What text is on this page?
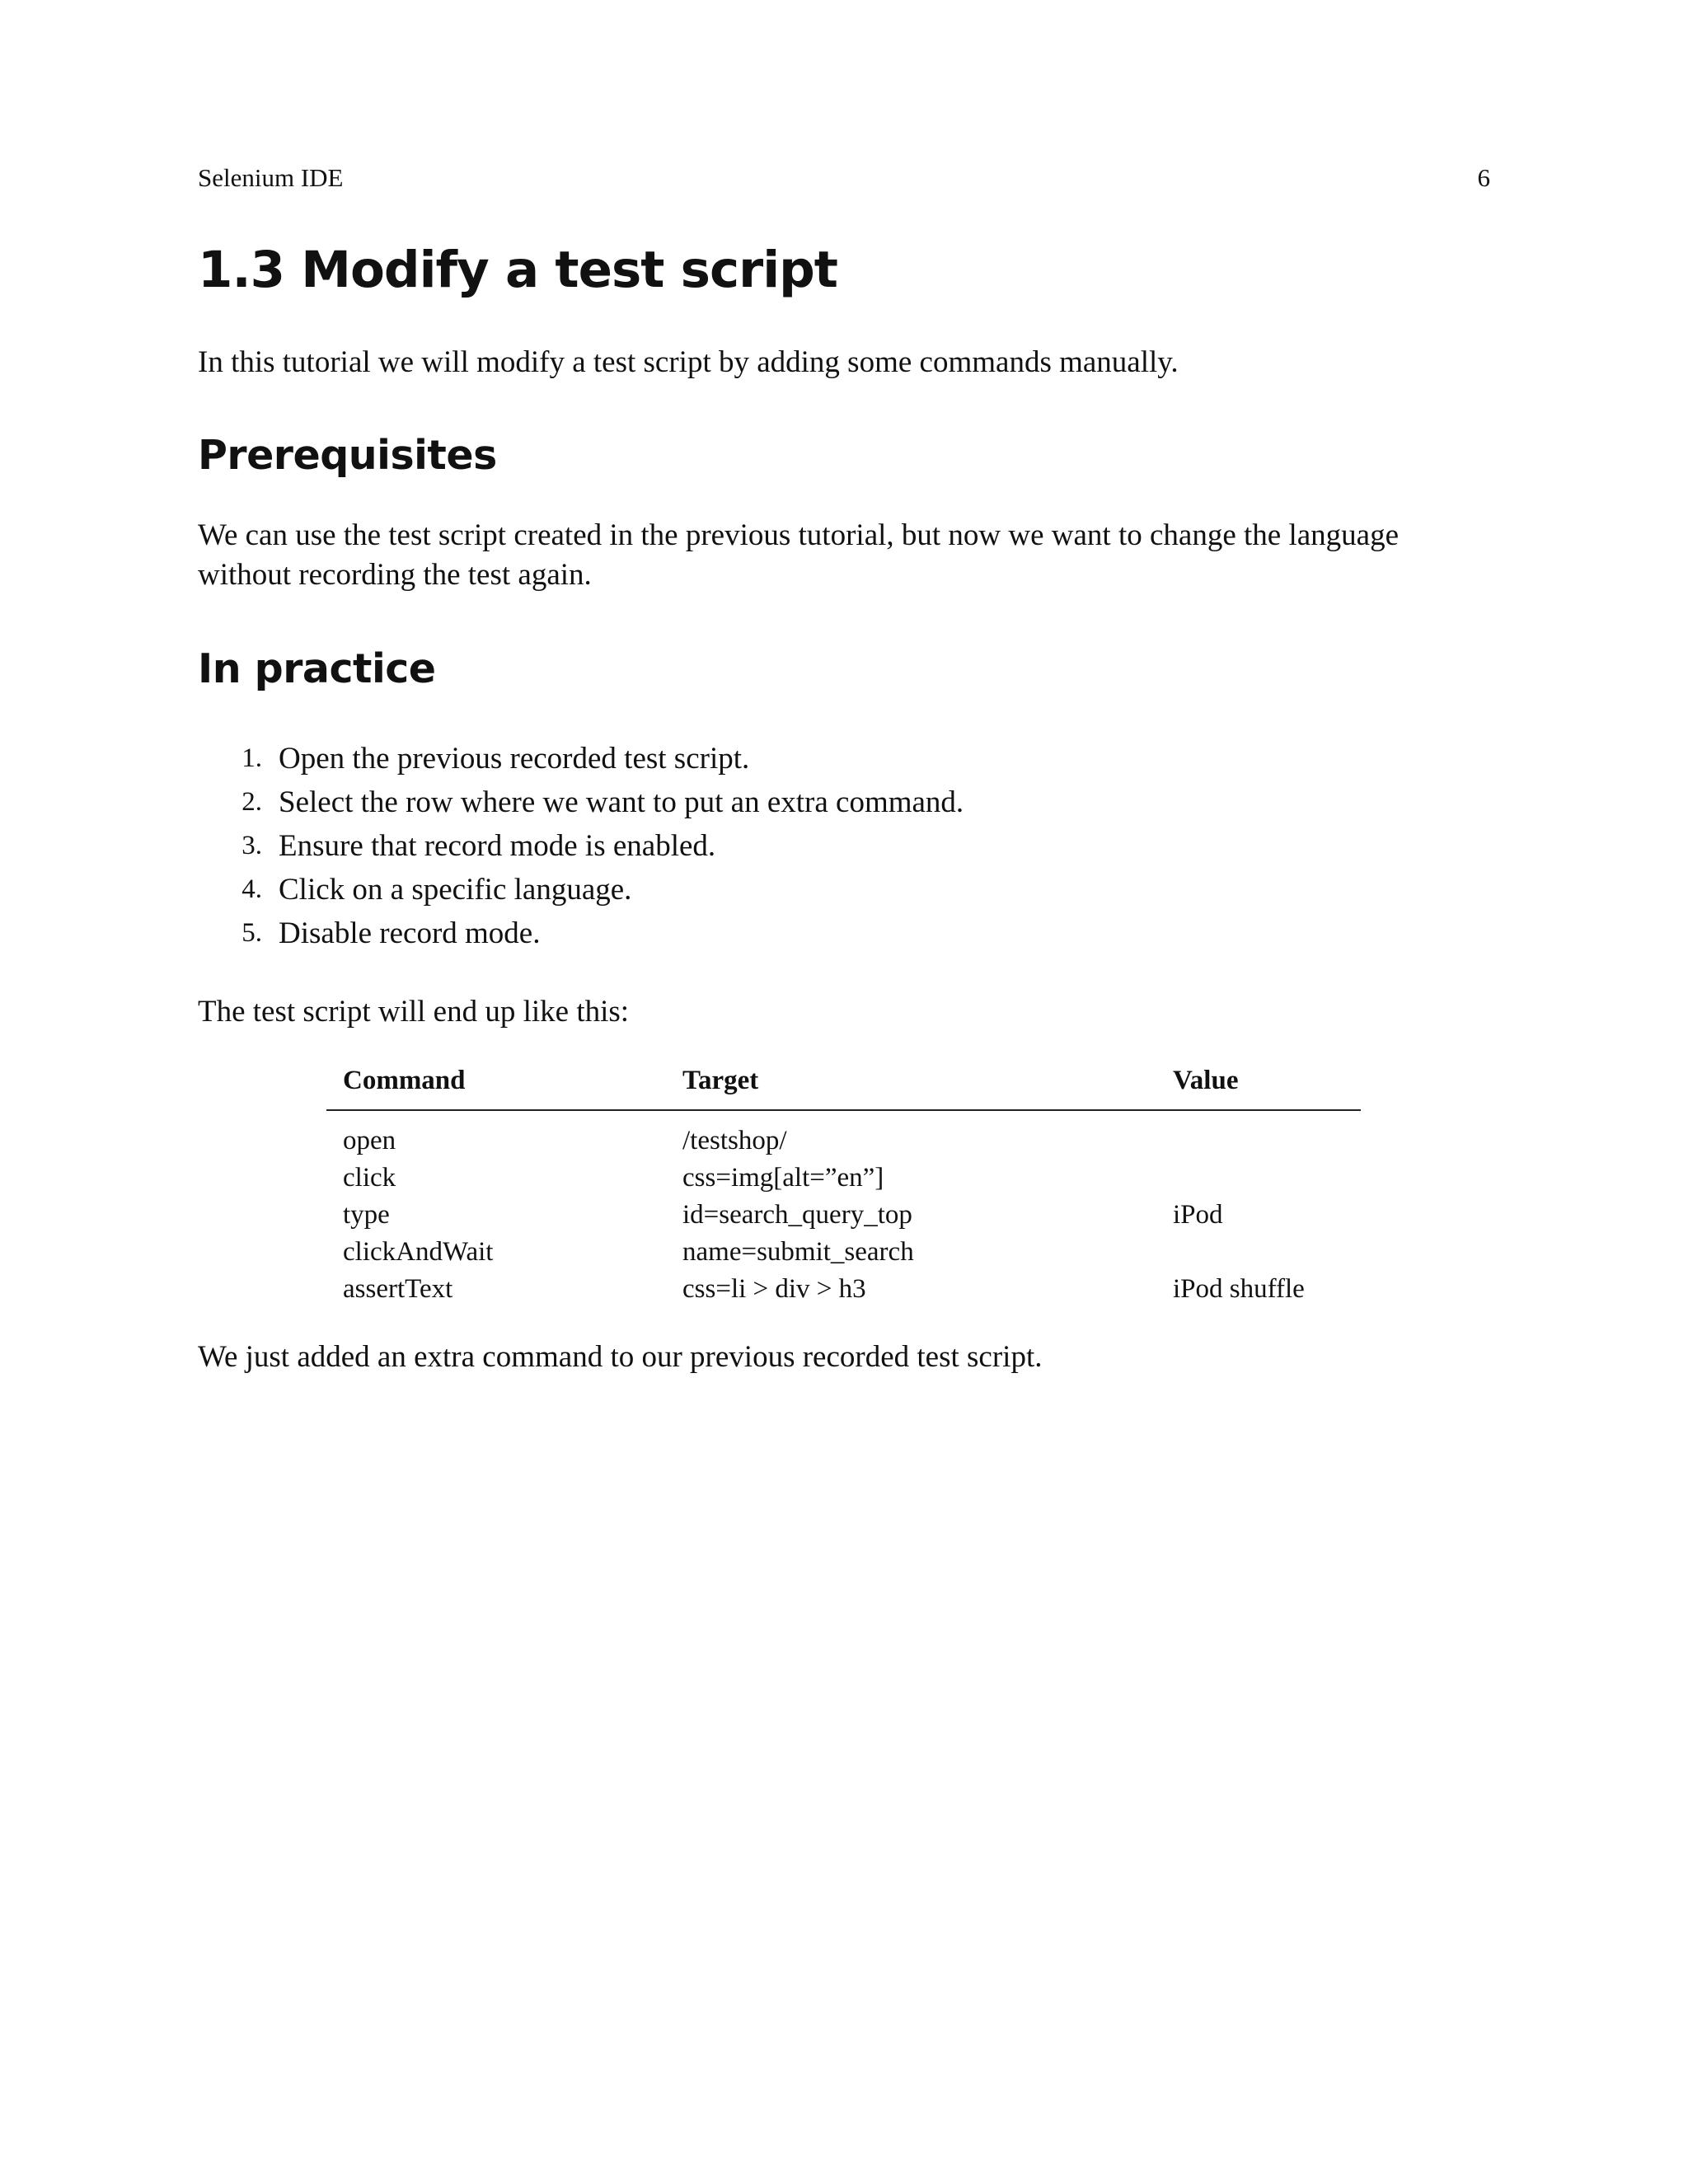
Selenium IDE	6
1.3 Modify a test script

In this tutorial we will modify a test script by adding some commands manually.

Prerequisites

We can use the test script created in the previous tutorial, but now we want to change the language without recording the test again.

In practice
1. Open the previous recorded test script.
2. Select the row where we want to put an extra command.
3. Ensure that record mode is enabled.
4. Click on a specific language.
5. Disable record mode.

The test script will end up like this:

Command	Target	Value
open	/testshop/	
click	css=img[alt=”en”]	
type	id=search_query_top	iPod
clickAndWait	name=submit_search	
assertText	css=li > div > h3	iPod shuffle

We just added an extra command to our previous recorded test script.
